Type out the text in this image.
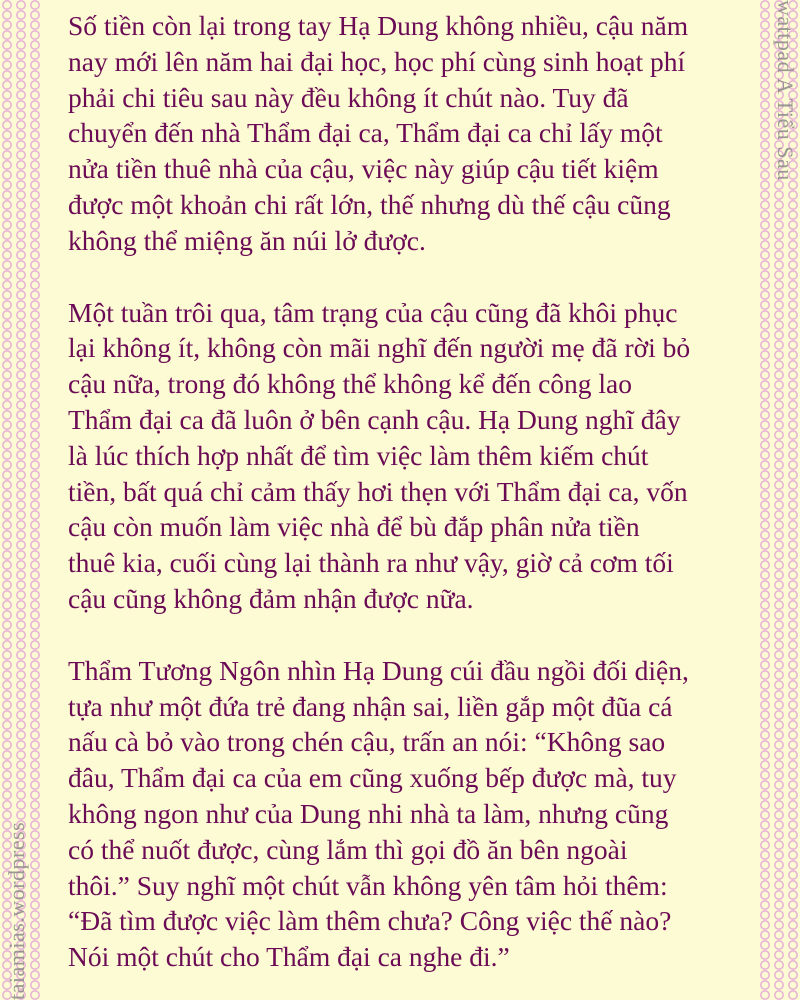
wattpad A Tiểu Sau
taiamias.wordpress

Số tiền còn lại trong tay Hạ Dung không nhiều, cậu năm
nay mới lên năm hai đại học, học phí cùng sinh hoạt phí
phải chi tiêu sau này đều không ít chút nào. Tuy đã
chuyển đến nhà Thẩm đại ca, Thẩm đại ca chỉ lấy một
nửa tiền thuê nhà của cậu, việc này giúp cậu tiết kiệm
được một khoản chi rất lớn, thế nhưng dù thế cậu cũng
không thể miệng ăn núi lở được.

Một tuần trôi qua, tâm trạng của cậu cũng đã khôi phục
lại không ít, không còn mãi nghĩ đến người mẹ đã rời bỏ
cậu nữa, trong đó không thể không kể đến công lao
Thẩm đại ca đã luôn ở bên cạnh cậu. Hạ Dung nghĩ đây
là lúc thích hợp nhất để tìm việc làm thêm kiếm chút
tiền, bất quá chỉ cảm thấy hơi thẹn với Thẩm đại ca, vốn
cậu còn muốn làm việc nhà để bù đắp phân nửa tiền
thuê kia, cuối cùng lại thành ra như vậy, giờ cả cơm tối
cậu cũng không đảm nhận được nữa.

Thẩm Tương Ngôn nhìn Hạ Dung cúi đầu ngồi đối diện,
tựa như một đứa trẻ đang nhận sai, liền gắp một đũa cá
nấu cà bỏ vào trong chén cậu, trấn an nói: “Không sao
đâu, Thẩm đại ca của em cũng xuống bếp được mà, tuy
không ngon như của Dung nhi nhà ta làm, nhưng cũng
có thể nuốt được, cùng lắm thì gọi đồ ăn bên ngoài
thôi.” Suy nghĩ một chút vẫn không yên tâm hỏi thêm:
“Đã tìm được việc làm thêm chưa? Công việc thế nào?
Nói một chút cho Thẩm đại ca nghe đi.”
